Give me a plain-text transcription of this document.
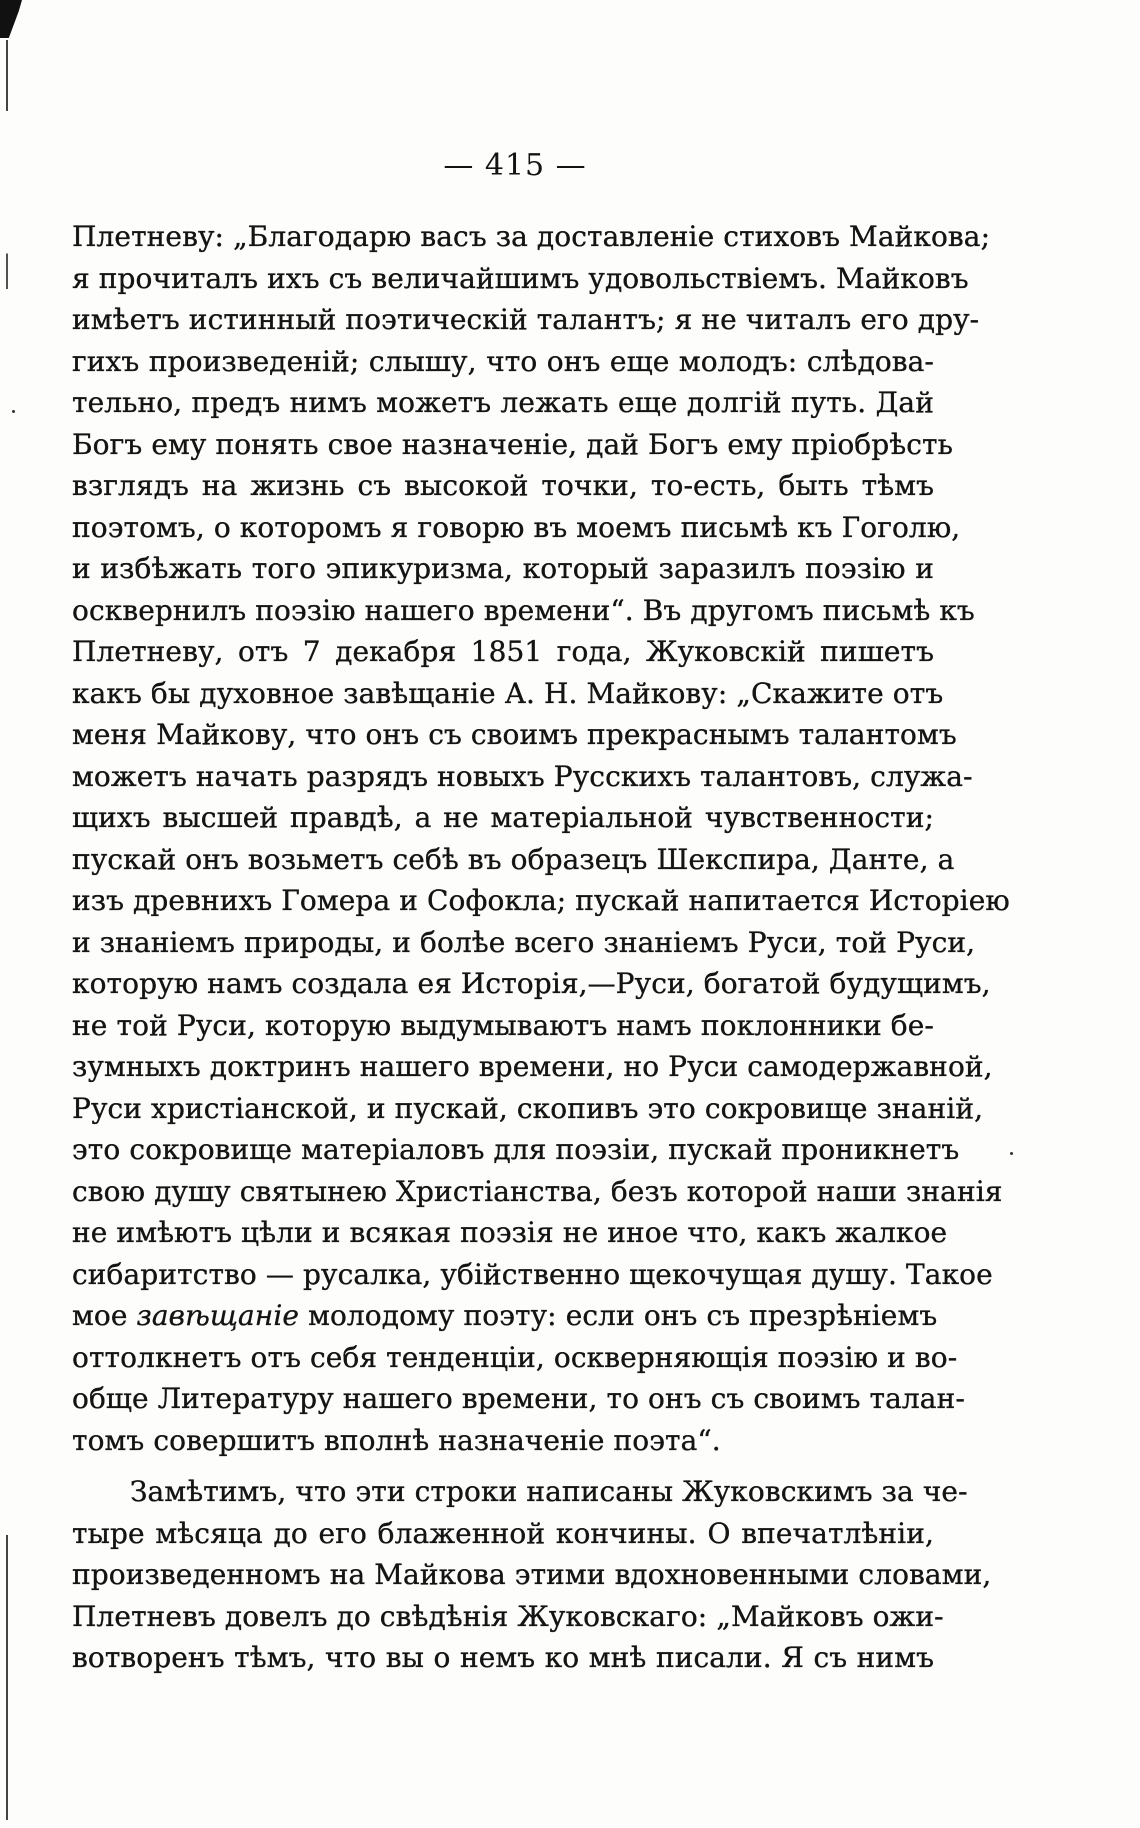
— 415 —
Плетневу: „Благодарю васъ за доставленіе стиховъ Майкова;
я прочиталъ ихъ съ величайшимъ удовольствіемъ. Майковъ
имѣетъ истинный поэтическій талантъ; я не читалъ его дру-
гихъ произведеній; слышу, что онъ еще молодъ: слѣдова-
тельно, предъ нимъ можетъ лежать еще долгій путь. Дай
Богъ ему понять свое назначеніе, дай Богъ ему пріобрѣсть
взглядъ на жизнь съ высокой точки, то-есть, быть тѣмъ
поэтомъ, о которомъ я говорю въ моемъ письмѣ къ Гоголю,
и избѣжать того эпикуризма, который заразилъ поэзію и
осквернилъ поэзію нашего времени“. Въ другомъ письмѣ къ
Плетневу, отъ 7 декабря 1851 года, Жуковскій пишетъ
какъ бы духовное завѣщаніе А. Н. Майкову: „Скажите отъ
меня Майкову, что онъ съ своимъ прекраснымъ талантомъ
можетъ начать разрядъ новыхъ Русскихъ талантовъ, служа-
щихъ высшей правдѣ, а не матеріальной чувственности;
пускай онъ возьметъ себѣ въ образецъ Шекспира, Данте, а
изъ древнихъ Гомера и Софокла; пускай напитается Исторіею
и знаніемъ природы, и болѣе всего знаніемъ Руси, той Руси,
которую намъ создала ея Исторія,—Руси, богатой будущимъ,
не той Руси, которую выдумываютъ намъ поклонники бе-
зумныхъ доктринъ нашего времени, но Руси самодержавной,
Руси христіанской, и пускай, скопивъ это сокровище знаній,
это сокровище матеріаловъ для поэзіи, пускай проникнетъ
свою душу святынею Христіанства, безъ которой наши знанія
не имѣютъ цѣли и всякая поэзія не иное что, какъ жалкое
сибаритство — русалка, убійственно щекочущая душу. Такое
мое завѣщаніе молодому поэту: если онъ съ презрѣніемъ
оттолкнетъ отъ себя тенденціи, оскверняющія поэзію и во-
обще Литературу нашего времени, то онъ съ своимъ талан-
томъ совершитъ вполнѣ назначеніе поэта“.
Замѣтимъ, что эти строки написаны Жуковскимъ за че-
тыре мѣсяца до его блаженной кончины. О впечатлѣніи,
произведенномъ на Майкова этими вдохновенными словами,
Плетневъ довелъ до свѣдѣнія Жуковскаго: „Майковъ ожи-
вотворенъ тѣмъ, что вы о немъ ко мнѣ писали. Я съ нимъ
